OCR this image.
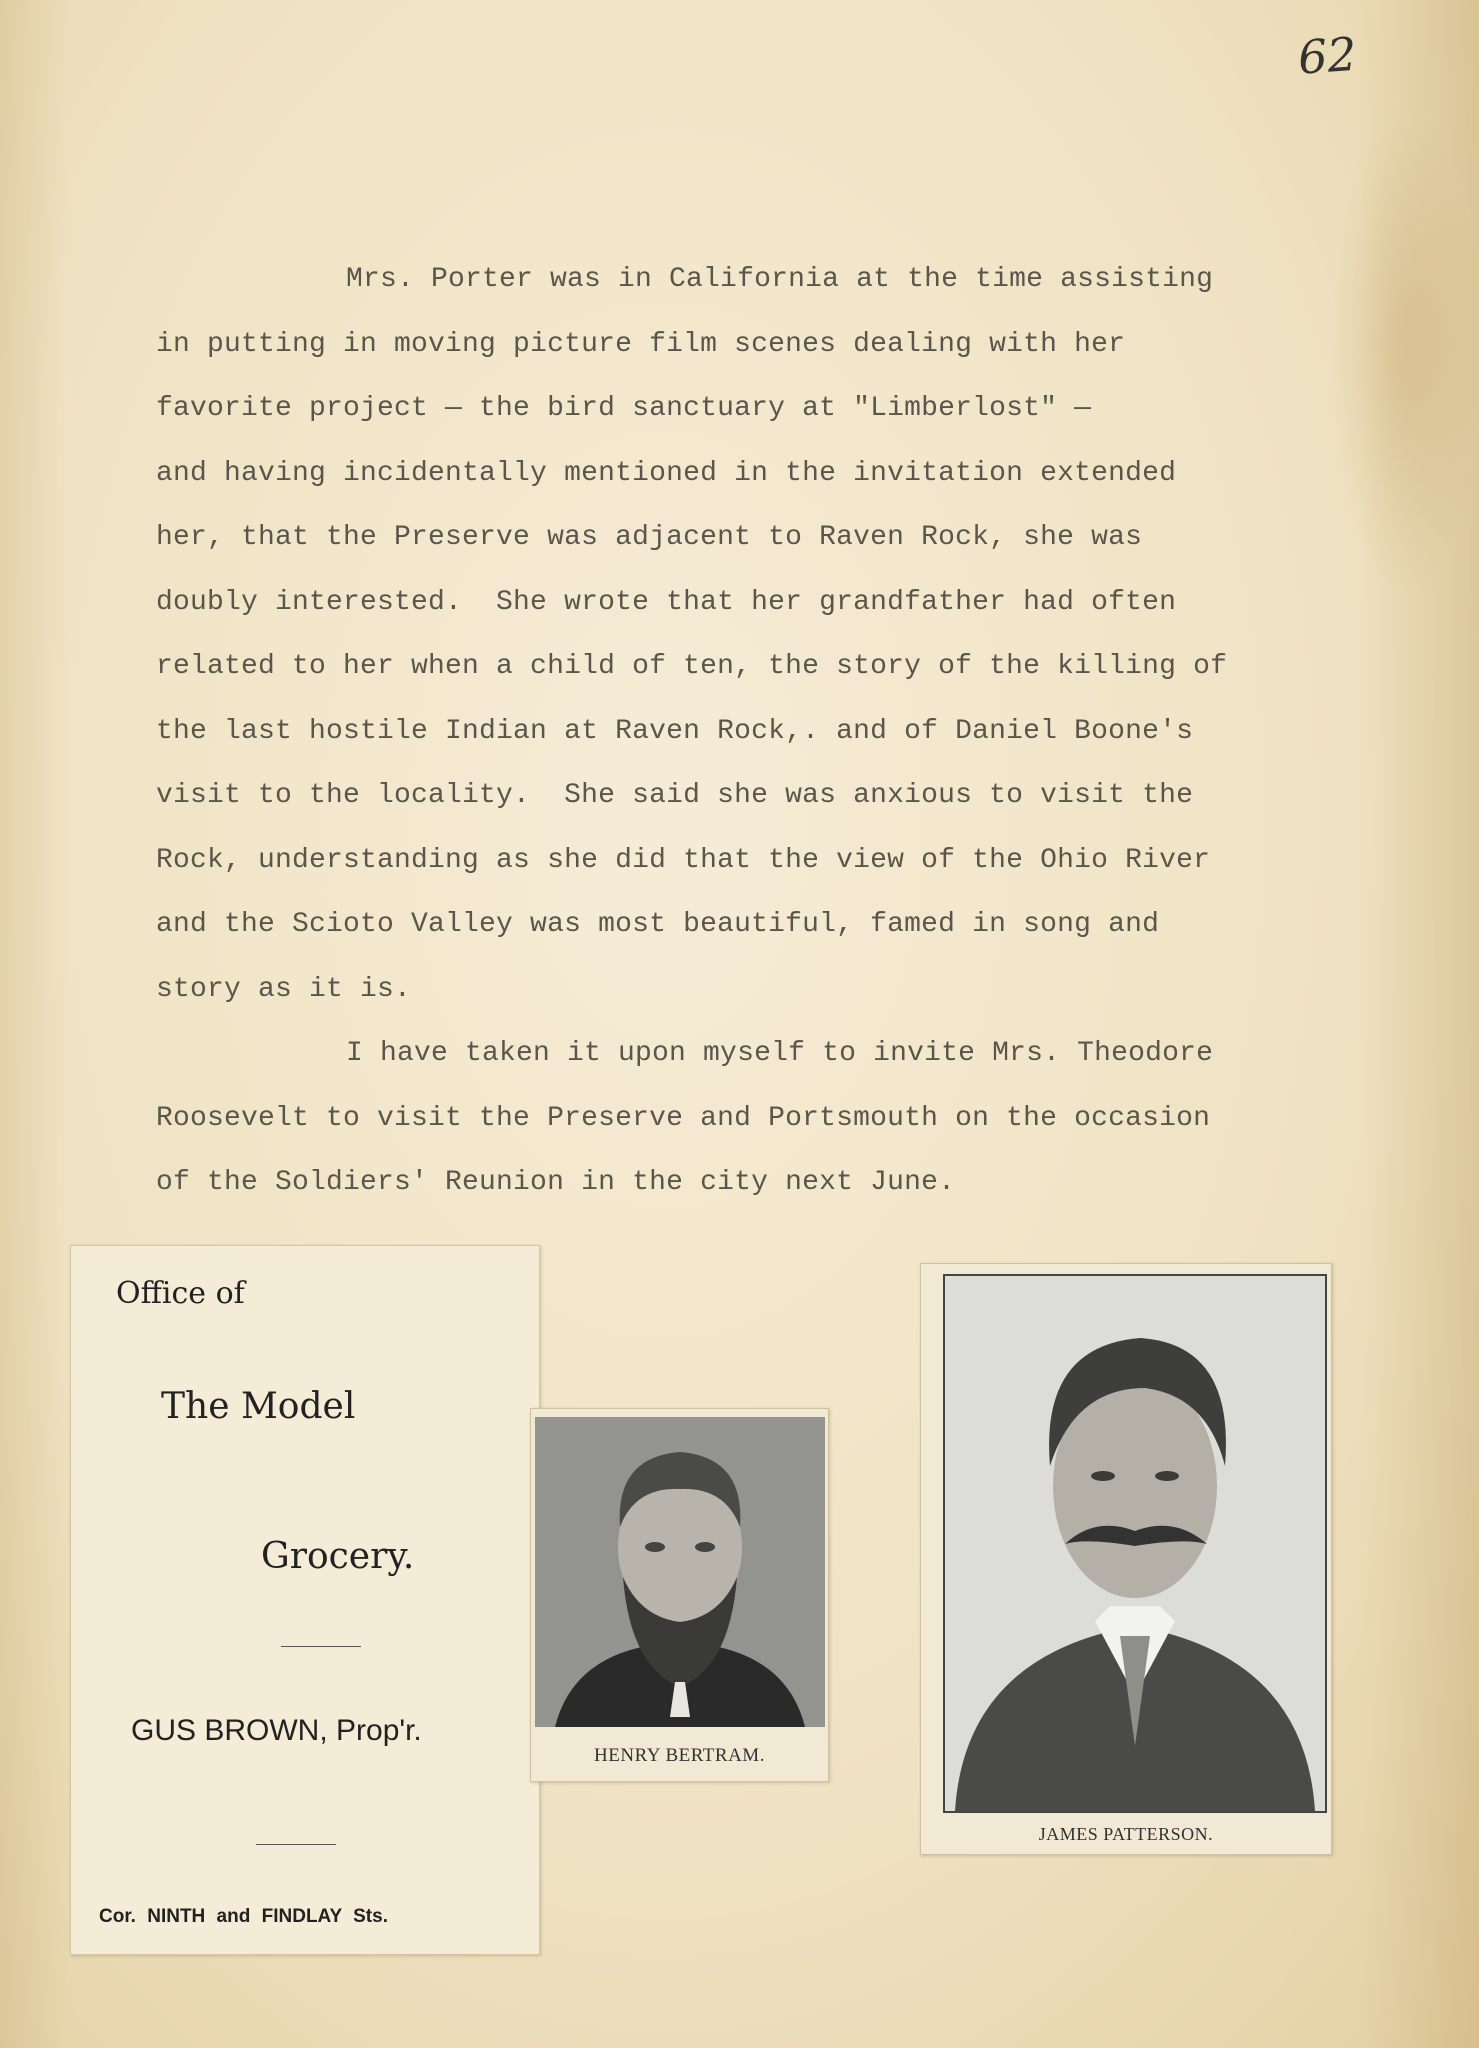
62
Mrs. Porter was in California at the time assisting
in putting in moving picture film scenes dealing with her
favorite project — the bird sanctuary at "Limberlost" —
and having incidentally mentioned in the invitation extended
her, that the Preserve was adjacent to Raven Rock, she was
doubly interested.  She wrote that her grandfather had often
related to her when a child of ten, the story of the killing of
the last hostile Indian at Raven Rock,. and of Daniel Boone's
visit to the locality.  She said she was anxious to visit the
Rock, understanding as she did that the view of the Ohio River
and the Scioto Valley was most beautiful, famed in song and
story as it is.
I have taken it upon myself to invite Mrs. Theodore
Roosevelt to visit the Preserve and Portsmouth on the occasion
of the Soldiers' Reunion in the city next June.
Office of
The Model
Grocery.
GUS BROWN, Prop'r.
Cor. NINTH and FINDLAY Sts.
HENRY BERTRAM.
JAMES PATTERSON.
